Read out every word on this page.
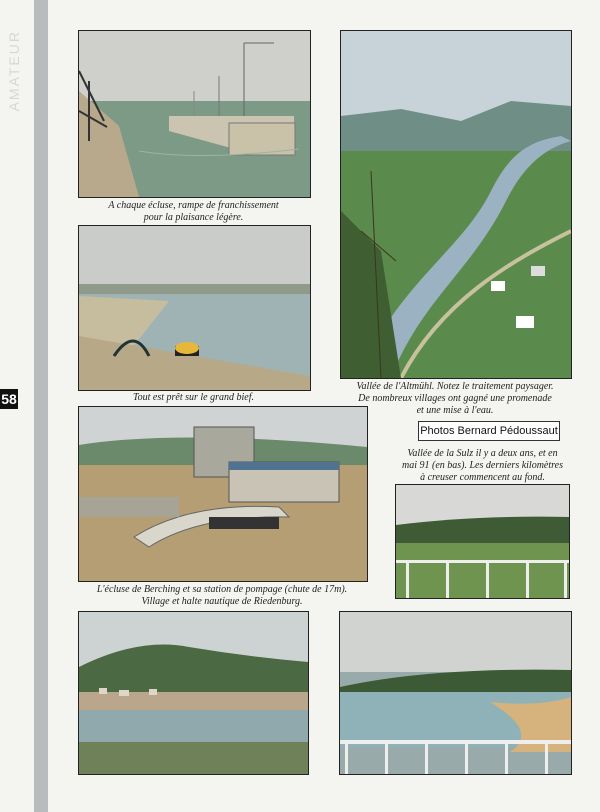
AMATEUR
58
A chaque écluse, rampe de franchissement
pour la plaisance légère.
Tout est prêt sur le grand bief.
Vallée de l'Altmühl. Notez le traitement paysager.
De nombreux villages ont gagné une promenade
et une mise à l'eau.
Photos Bernard Pédoussaut
Vallée de la Sulz il y a deux ans, et en
mai 91 (en bas). Les derniers kilomètres
à creuser commencent au fond.
L'écluse de Berching et sa station de pompage (chute de 17m).
Village et halte nautique de Riedenburg.
